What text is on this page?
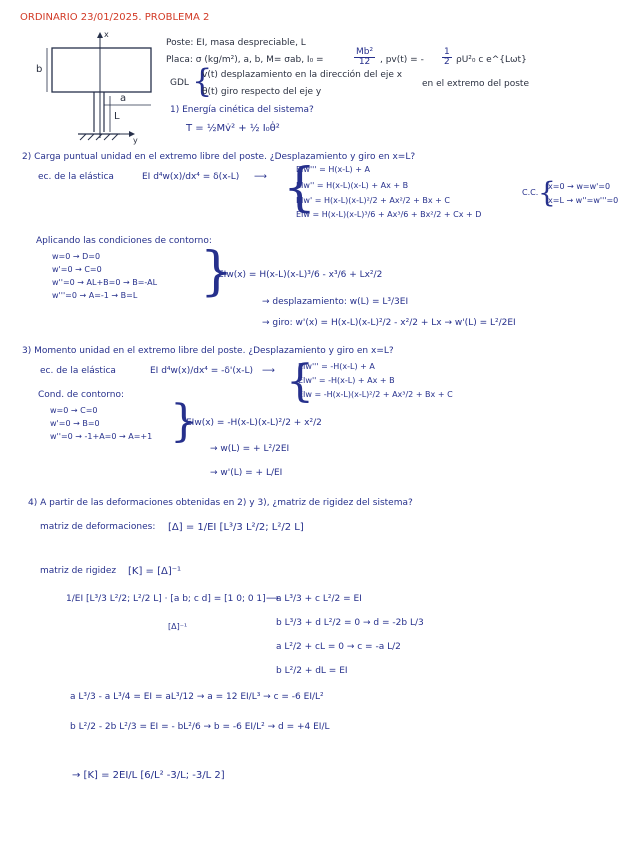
ORDINARIO 23/01/2025. PROBLEMA 2
b
a
L
x
y
Poste: EI, masa despreciable, L
Placa: σ (kg/m²), a, b, M= σab, I₀ =	$\frac{\text{Mb²}}{12}$ , pv(t) = - $\frac{1}{2} \rho U^2_0$ c e^{Lωt}
GDL {
v(t) desplazamiento en la dirección del eje x
θ(t) giro respecto del eje y
en el extremo del poste
1) Energía cinética del sistema?
T = ½Mv̇² + ½ I₀θ̇²
2) Carga puntual unidad en el extremo libre del poste. ¿Desplazamiento y giro en x=L?
ec. de la elástica	EI d⁴w(x)/dx⁴ = δ(x-L) ⟶ {
EIw''' = H(x-L) + A
EIw'' = H(x-L)(x-L) + Ax + B
EIw' = H(x-L)(x-L)²/2 + Ax²/2 + Bx + C
EIw = H(x-L)(x-L)³/6 + Ax³/6 + Bx²/2 + Cx + D
C.C. {
x=0 → w=w'=0
x=L → w''=w'''=0
Aplicando las condiciones de contorno:
w=0 → D=0
w'=0 → C=0
w''=0 → AL+B=0 → B=-AL
w'''=0 → A=-1 → B=L }
EIw(x) = H(x-L)(x-L)³/6 - x³/6 + Lx²/2
→ desplazamiento: w(L) = L³/3EI
→ giro: w'(x) = H(x-L)(x-L)²/2 - x²/2 + Lx → w'(L) = L²/2EI
3) Momento unidad en el extremo libre del poste. ¿Desplazamiento y giro en x=L?
ec. de la elástica	EI d⁴w(x)/dx⁴ = -δ'(x-L) ⟶ {
EIw''' = -H(x-L) + A
EIw'' = -H(x-L) + Ax + B
EIw = -H(x-L)(x-L)²/2 + Ax³/2 + Bx + C
Cond. de contorno:
w=0 → C=0
w'=0 → B=0
w''=0 → -1+A=0 → A=+1 }
EIw(x) = -H(x-L)(x-L)²/2 + x²/2
→ w(L) = + L²/2EI
→ w'(L) = + L/EI
4) A partir de las deformaciones obtenidas en 2) y 3), ¿matriz de rigidez del sistema?
matriz de deformaciones: [Δ] = 1/EI [L³/3 L²/2; L²/2 L]
matriz de rigidez [K] = [Δ]⁻¹
1/EI [L³/3 L²/2; L²/2 L] · [a b; c d] = [1 0; 0 1]
[Δ]⁻¹
⟶
a L³/3 + c L²/2 = EI
b L³/3 + d L²/2 = 0 → d = -2b L/3
a L²/2 + cL = 0 → c = -a L/2
b L²/2 + dL = EI
a L³/3 - a L³/4 = EI = aL³/12 → a = 12 EI/L³ → c = -6 EI/L²
b L²/2 - 2b L²/3 = EI = - bL²/6 → b = -6 EI/L² → d = +4 EI/L
→ [K] = 2EI/L [6/L² -3/L; -3/L 2]
